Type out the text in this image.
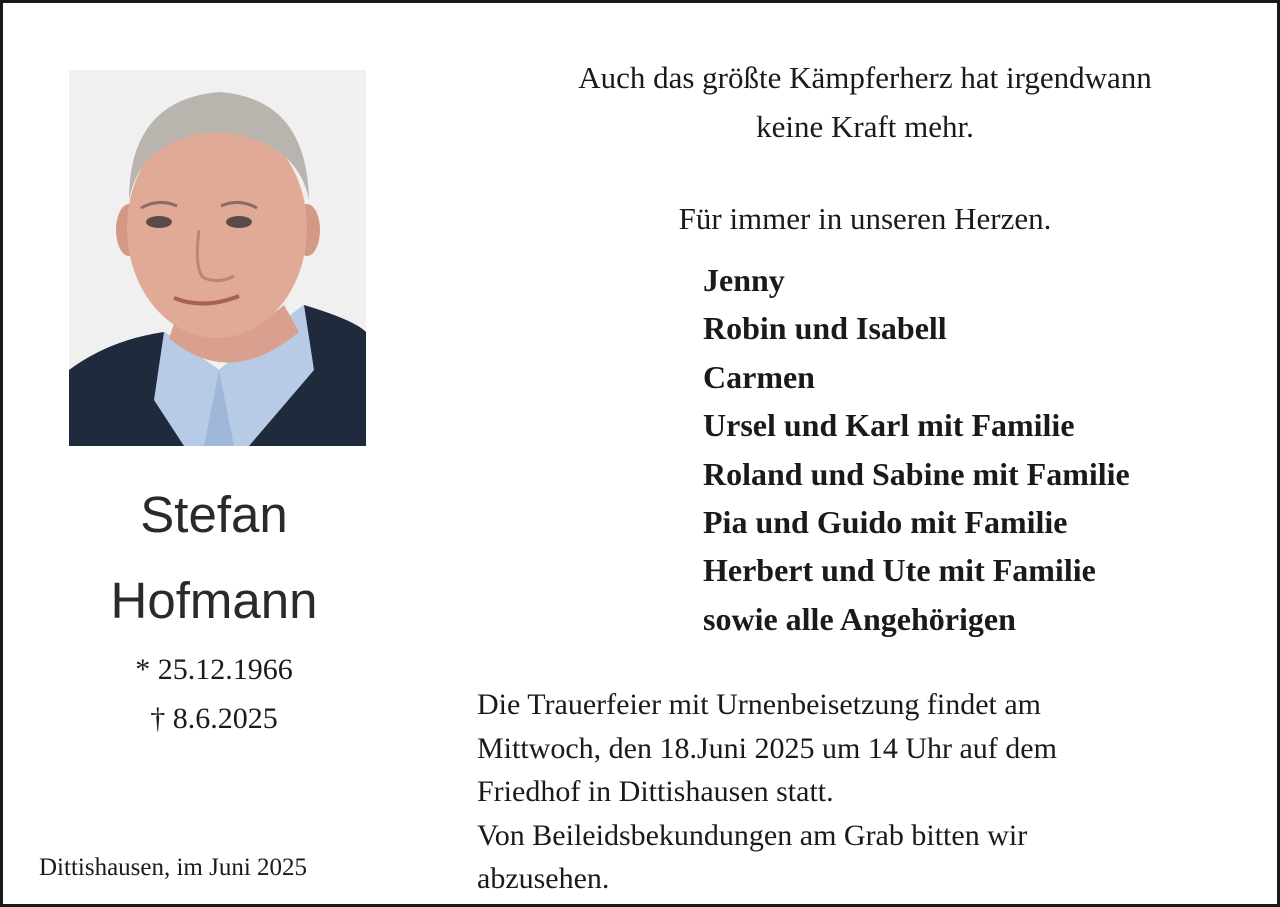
Stefan
Hofmann
* 25.12.1966
† 8.6.2025
Dittishausen, im Juni 2025
Auch das größte Kämpferherz hat irgendwann
keine Kraft mehr.
Für immer in unseren Herzen.
Jenny
Robin und Isabell
Carmen
Ursel und Karl mit Familie
Roland und Sabine mit Familie
Pia und Guido mit Familie
Herbert und Ute mit Familie
sowie alle Angehörigen
Die Trauerfeier mit Urnenbeisetzung findet am
Mittwoch, den 18.Juni 2025 um 14 Uhr auf dem
Friedhof in Dittishausen statt.
Von Beileidsbekundungen am Grab bitten wir
abzusehen.
